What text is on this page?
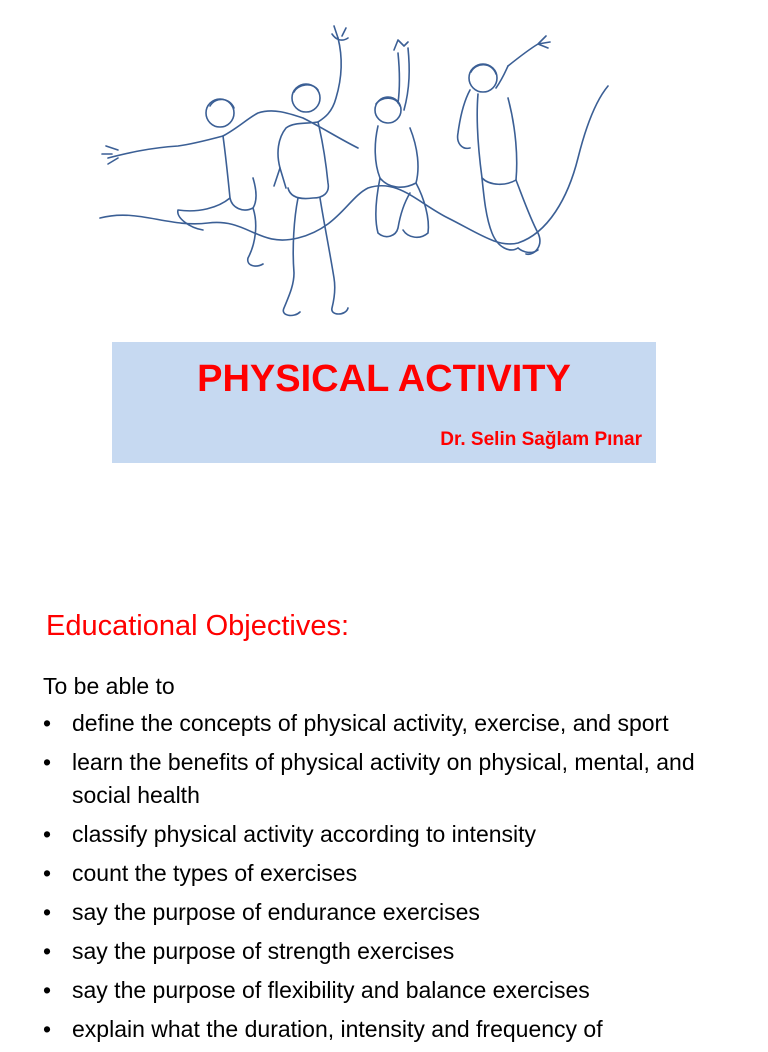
PHYSICAL ACTIVITY
Dr. Selin Sağlam Pınar
Educational Objectives:
To be able to
• define the concepts of physical activity, exercise, and sport
• learn the benefits of physical activity on physical, mental, and social health
• classify physical activity according to intensity
• count the types of exercises
• say the purpose of endurance exercises
• say the purpose of strength exercises
• say the purpose of flexibility and balance exercises
• explain what the duration, intensity and frequency of
